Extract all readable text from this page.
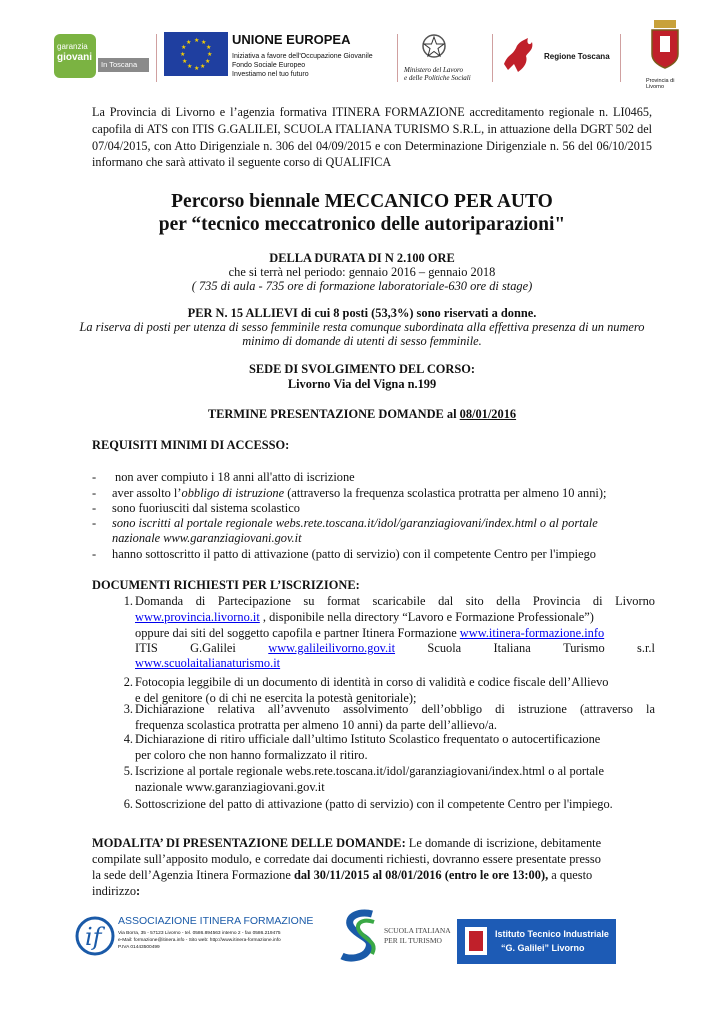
garanzia
giovani
In Toscana
★ ★
★
★
★
★
★
★
★
★
★
★	UNIONE EUROPEA
Iniziativa a favore dell'Occupazione Giovanile
Fondo Sociale Europeo
Investiamo nel tuo futuro
Ministero del Lavoro
e delle Politiche Sociali
Regione Toscana
Provincia di Livorno
La Provincia di Livorno e l’agenzia formativa ITINERA FORMAZIONE accreditamento regionale n. LI0465, capofila di ATS con ITIS G.GALILEI, SCUOLA ITALIANA TURISMO S.R.L, in attuazione della DGRT 502 del 07/04/2015, con Atto Dirigenziale n. 306 del 04/09/2015 e con Determinazione Dirigenziale n. 56 del 06/10/2015 informano che sarà attivato il seguente corso di QUALIFICA
Percorso biennale MECCANICO PER AUTO
per “tecnico meccatronico delle autoriparazioni"
DELLA DURATA DI N 2.100 ORE
che si terrà nel periodo: gennaio 2016 – gennaio 2018
( 735 di aula - 735 ore di formazione laboratoriale-630 ore di stage)
PER N. 15 ALLIEVI di cui 8 posti (53,3%) sono riservati a donne.
La riserva di posti per utenza di sesso femminile resta comunque subordinata alla effettiva presenza di un numero
minimo di domande di utenti di sesso femminile.
SEDE DI SVOLGIMENTO DEL CORSO:
Livorno Via del Vigna n.199
TERMINE PRESENTAZIONE DOMANDE al 08/01/2016
REQUISITI MINIMI DI ACCESSO:
-	non aver compiuto i 18 anni all'atto di iscrizione
-	aver assolto l’obbligo di istruzione (attraverso la frequenza scolastica protratta per almeno 10 anni);
-	sono fuoriusciti dal sistema scolastico
-	sono iscritti al portale regionale webs.rete.toscana.it/idol/garanziagiovani/index.html o al portale
nazionale www.garanziagiovani.gov.it
-	hanno sottoscritto il patto di attivazione (patto di servizio) con il competente Centro per l'impiego
DOCUMENTI RICHIESTI PER L’ISCRIZIONE:
1. Domanda di Partecipazione su format scaricabile dal sito della Provincia di Livorno
www.provincia.livorno.it , disponibile nella directory “Lavoro e Formazione Professionale”)
oppure dai siti del soggetto capofila e partner Itinera Formazione www.itinera-formazione.info
ITIS	G.Galilei	www.galileilivorno.gov.it	Scuola	Italiana	Turismo	s.r.l
www.scuolaitalianaturismo.it
2. Fotocopia leggibile di un documento di identità in corso di validità e codice fiscale dell’Allievo
e del genitore (o di chi ne esercita la potestà genitoriale);
3. Dichiarazione relativa all’avvenuto assolvimento dell’obbligo di istruzione (attraverso la
frequenza scolastica protratta per almeno 10 anni) da parte dell’allievo/a.
4. Dichiarazione di ritiro ufficiale dall’ultimo Istituto Scolastico frequentato o autocertificazione
per coloro che non hanno formalizzato il ritiro.
5. Iscrizione al portale regionale webs.rete.toscana.it/idol/garanziagiovani/index.html o al portale
nazionale www.garanziagiovani.gov.it
6. Sottoscrizione del patto di attivazione (patto di servizio) con il competente Centro per l'impiego.
MODALITA’ DI PRESENTAZIONE DELLE DOMANDE: Le domande di iscrizione, debitamente
compilate sull’apposito modulo, e corredate dai documenti richiesti, dovranno essere presentate presso
la sede dell’Agenzia Itinera Formazione dal 30/11/2015 al 08/01/2016 (entro le ore 13:00), a questo
indirizzo:
if
ASSOCIAZIONE ITINERA FORMAZIONE
Via Borra, 35 - 57123 Livorno - tel. 0586.894563 interno 2 - fax 0586.219475
e-Mail: formazione@itinera.info - Sito web: http://www.itinera-formazione.info
P.IVA 01443500499
SCUOLA ITALIANA
PER IL TURISMO
Istituto Tecnico Industriale
“G. Galilei” Livorno
